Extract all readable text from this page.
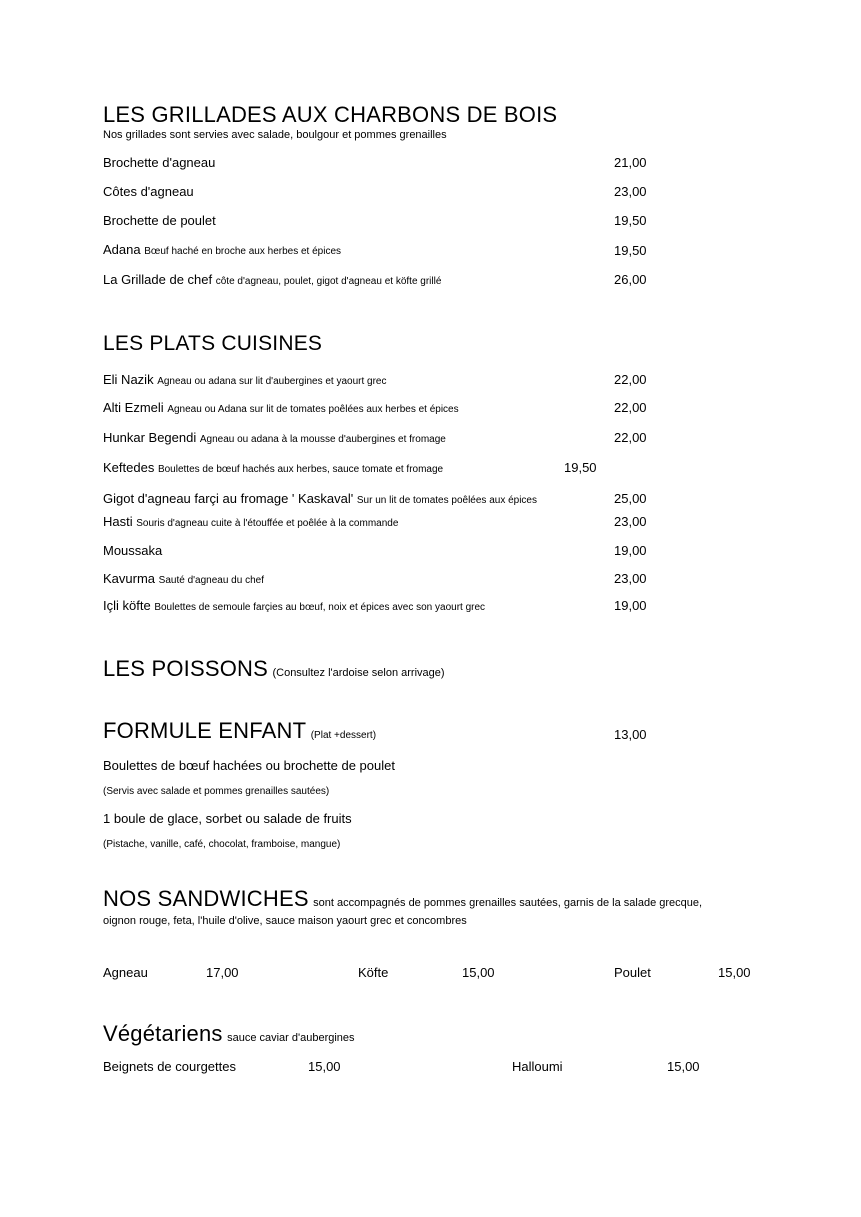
LES GRILLADES AUX CHARBONS DE BOIS
Nos grillades sont servies avec salade, boulgour et pommes grenailles
Brochette d'agneau	21,00
Côtes d'agneau	23,00
Brochette de poulet	19,50
Adana Bœuf haché en broche aux herbes et épices	19,50
La Grillade de chef côte d'agneau, poulet, gigot d'agneau et köfte grillé	26,00
LES PLATS CUISINES
Eli Nazik Agneau ou adana sur lit d'aubergines et yaourt grec	22,00
Alti Ezmeli Agneau ou Adana sur lit de tomates poêlées aux herbes et épices	22,00
Hunkar Begendi Agneau ou adana à la mousse d'aubergines et fromage	22,00
Keftedes Boulettes de bœuf hachés aux herbes, sauce tomate et fromage	19,50
Gigot d'agneau farçi au fromage ' Kaskaval' Sur un lit de tomates poêlées aux épices	25,00
Hasti Souris d'agneau cuite à l'étouffée et poêlée à la commande	23,00
Moussaka	19,00
Kavurma Sauté d'agneau du chef	23,00
Içli köfte Boulettes de semoule farçies au bœuf, noix et épices avec son yaourt grec	19,00
LES POISSONS (Consultez l'ardoise selon arrivage)
FORMULE ENFANT (Plat +dessert)	13,00
Boulettes de bœuf hachées ou brochette de poulet
(Servis avec salade et pommes grenailles sautées)
1 boule de glace, sorbet ou salade de fruits
(Pistache, vanille, café, chocolat, framboise, mangue)
NOS SANDWICHES sont accompagnés de pommes grenailles sautées, garnis de la salade grecque,
oignon rouge, feta, l'huile d'olive, sauce maison yaourt grec et concombres
Agneau	17,00	Köfte	15,00	Poulet	15,00
Végétariens sauce caviar d'aubergines
Beignets de courgettes	15,00	Halloumi	15,00
